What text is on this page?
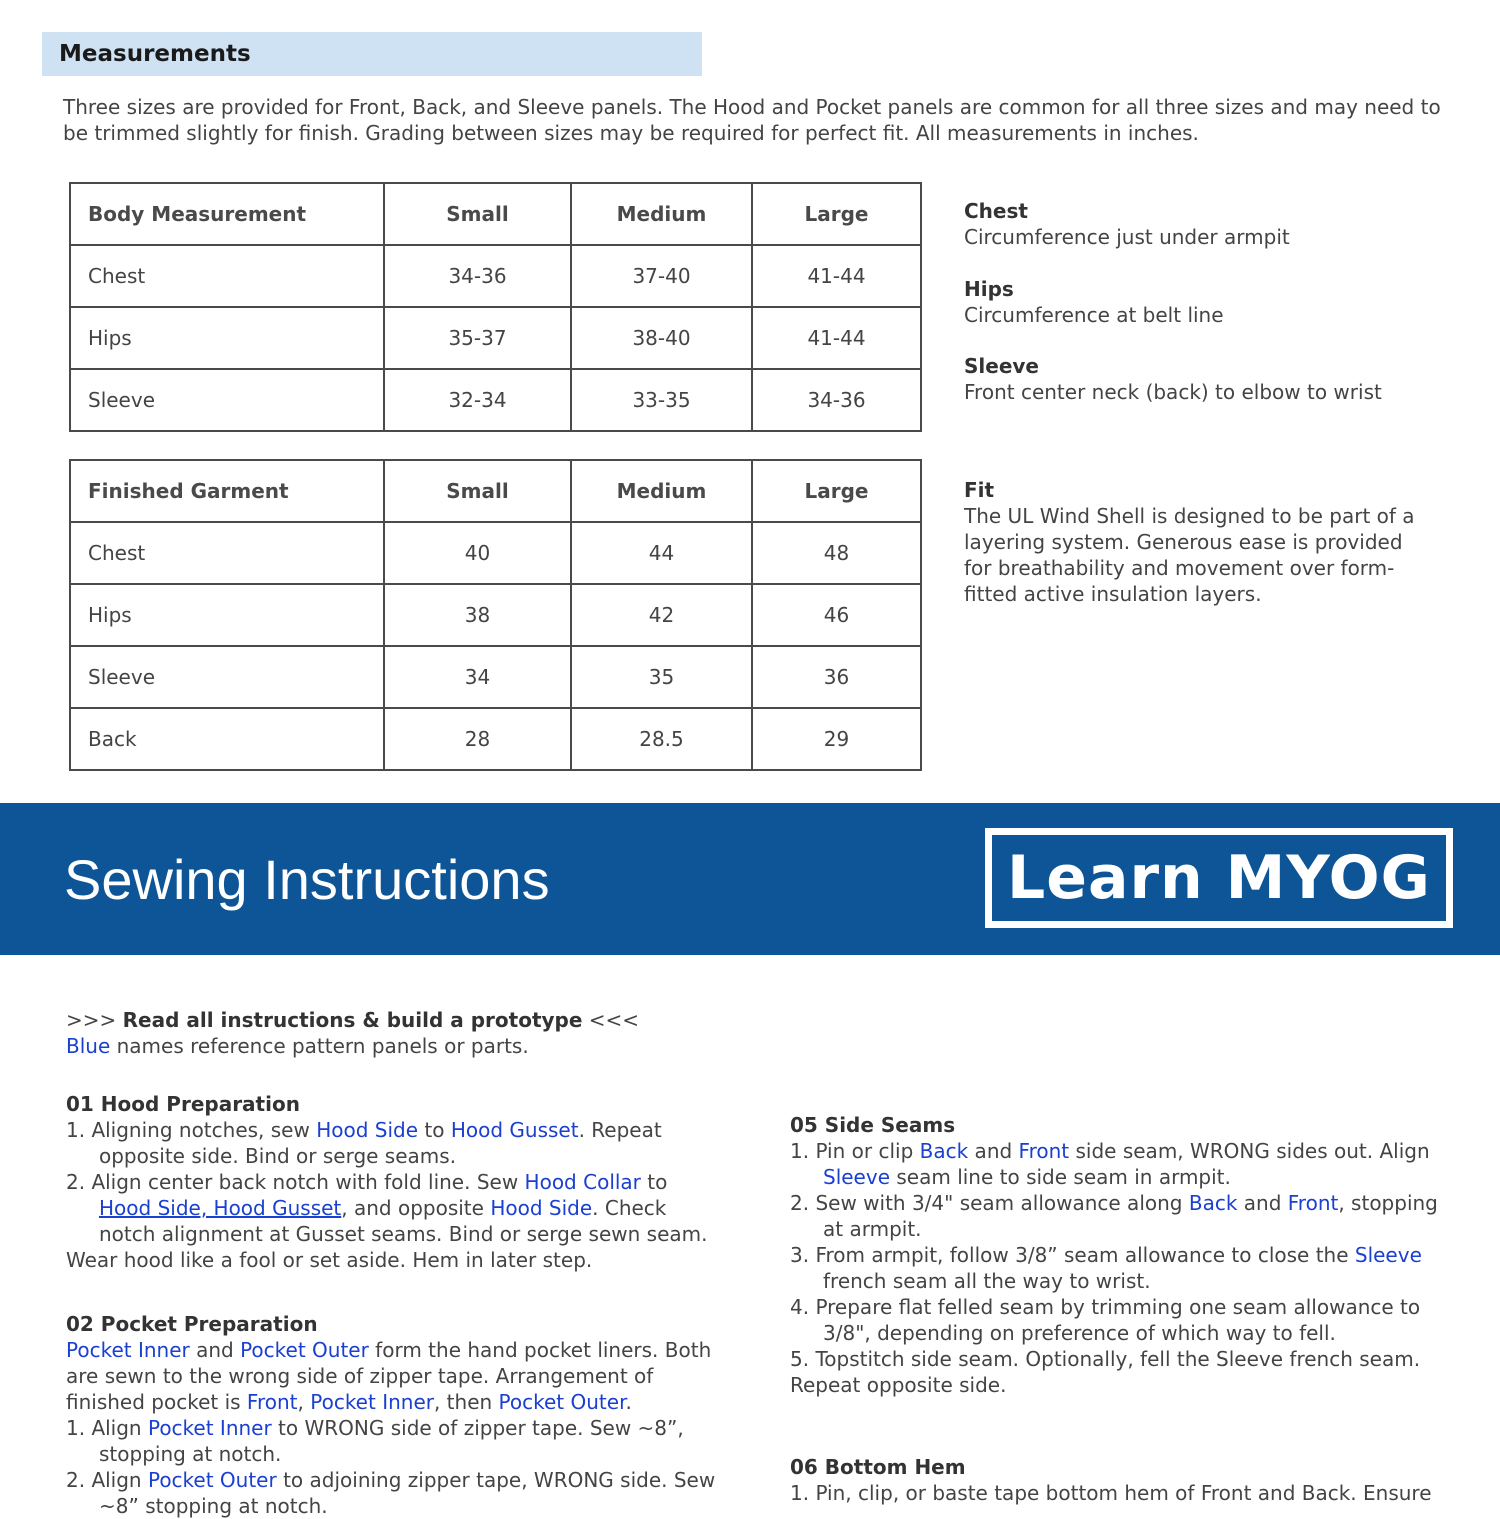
Measurements

Three sizes are provided for Front, Back, and Sleeve panels. The Hood and Pocket panels are common for all three sizes and may need to be trimmed slightly for finish. Grading between sizes may be required for perfect fit. All measurements in inches.

Body Measurement	Small	Medium	Large
Chest	34-36	37-40	41-44
Hips	35-37	38-40	41-44
Sleeve	32-34	33-35	34-36
Finished Garment	Small	Medium	Large
Chest	40	44	48
Hips	38	42	46
Sleeve	34	35	36
Back	28	28.5	29
Chest
Circumference just under armpit
Hips
Circumference at belt line
Sleeve
Front center neck (back) to elbow to wrist
Fit
The UL Wind Shell is designed to be part of a layering system. Generous ease is provided for breathability and movement over form-fitted active insulation layers.
Sewing Instructions	Learn MYOG
>>> Read all instructions & build a prototype <<<
Blue names reference pattern panels or parts.
01 Hood Preparation
1. Aligning notches, sew Hood Side to Hood Gusset. Repeat opposite side. Bind or serge seams.
2. Align center back notch with fold line. Sew Hood Collar to Hood Side, Hood Gusset, and opposite Hood Side. Check notch alignment at Gusset seams. Bind or serge sewn seam.
Wear hood like a fool or set aside. Hem in later step.
02 Pocket Preparation
Pocket Inner and Pocket Outer form the hand pocket liners. Both are sewn to the wrong side of zipper tape. Arrangement of finished pocket is Front, Pocket Inner, then Pocket Outer.
1. Align Pocket Inner to WRONG side of zipper tape. Sew ~8”, stopping at notch.
2. Align Pocket Outer to adjoining zipper tape, WRONG side. Sew ~8” stopping at notch.
05 Side Seams
1. Pin or clip Back and Front side seam, WRONG sides out. Align Sleeve seam line to side seam in armpit.
2. Sew with 3/4" seam allowance along Back and Front, stopping at armpit.
3. From armpit, follow 3/8” seam allowance to close the Sleeve french seam all the way to wrist.
4. Prepare flat felled seam by trimming one seam allowance to 3/8", depending on preference of which way to fell.
5. Topstitch side seam. Optionally, fell the Sleeve french seam.
Repeat opposite side.
06 Bottom Hem
1. Pin, clip, or baste tape bottom hem of Front and Back. Ensure
